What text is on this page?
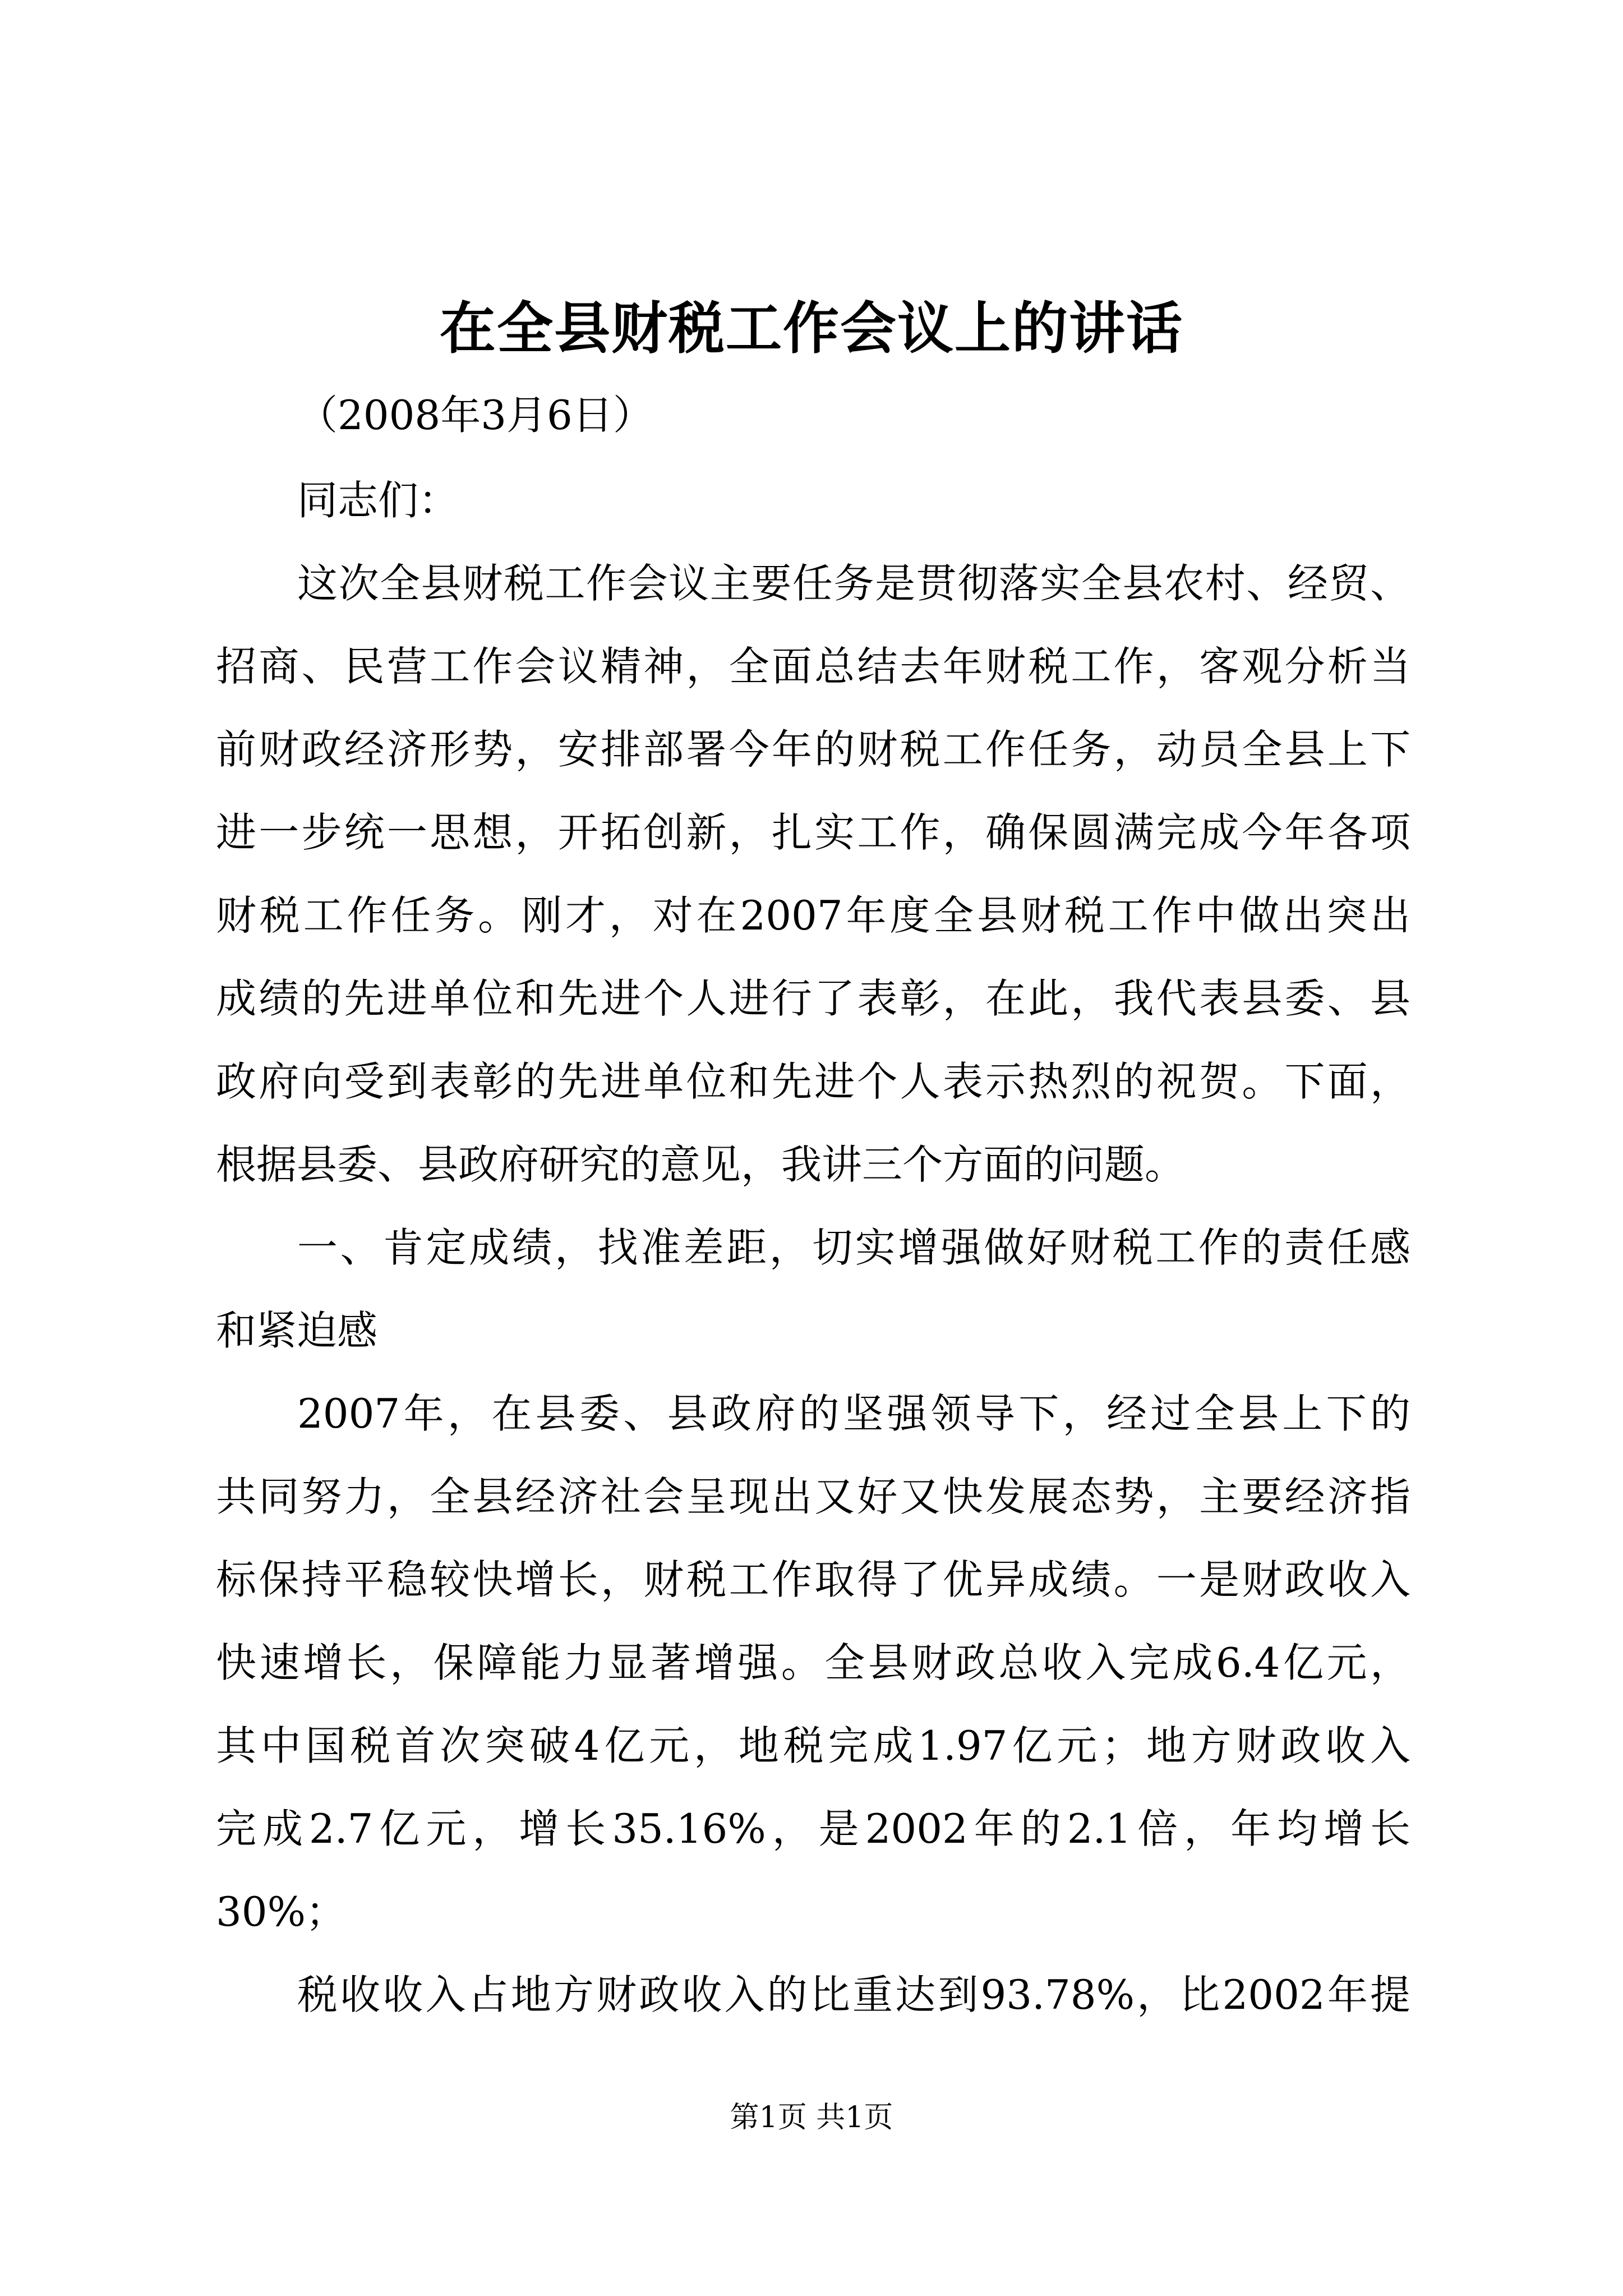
在全县财税工作会议上的讲话
（2008年3月6日）
同志们：
这次全县财税工作会议主要任务是贯彻落实全县农村、经贸、
招商、民营工作会议精神，全面总结去年财税工作，客观分析当
前财政经济形势，安排部署今年的财税工作任务，动员全县上下
进一步统一思想，开拓创新，扎实工作，确保圆满完成今年各项
财税工作任务。刚才，对在2007年度全县财税工作中做出突出
成绩的先进单位和先进个人进行了表彰，在此，我代表县委、县
政府向受到表彰的先进单位和先进个人表示热烈的祝贺。下面，
根据县委、县政府研究的意见，我讲三个方面的问题。
一、肯定成绩，找准差距，切实增强做好财税工作的责任感
和紧迫感
2007年，在县委、县政府的坚强领导下，经过全县上下的
共同努力，全县经济社会呈现出又好又快发展态势，主要经济指
标保持平稳较快增长，财税工作取得了优异成绩。一是财政收入
快速增长，保障能力显著增强。全县财政总收入完成6.4亿元，
其中国税首次突破4亿元，地税完成1.97亿元；地方财政收入
完成2.7亿元，增长35.16%，是2002年的2.1倍，年均增长
30%；
税收收入占地方财政收入的比重达到93.78%，比2002年提
第1页 共1页
